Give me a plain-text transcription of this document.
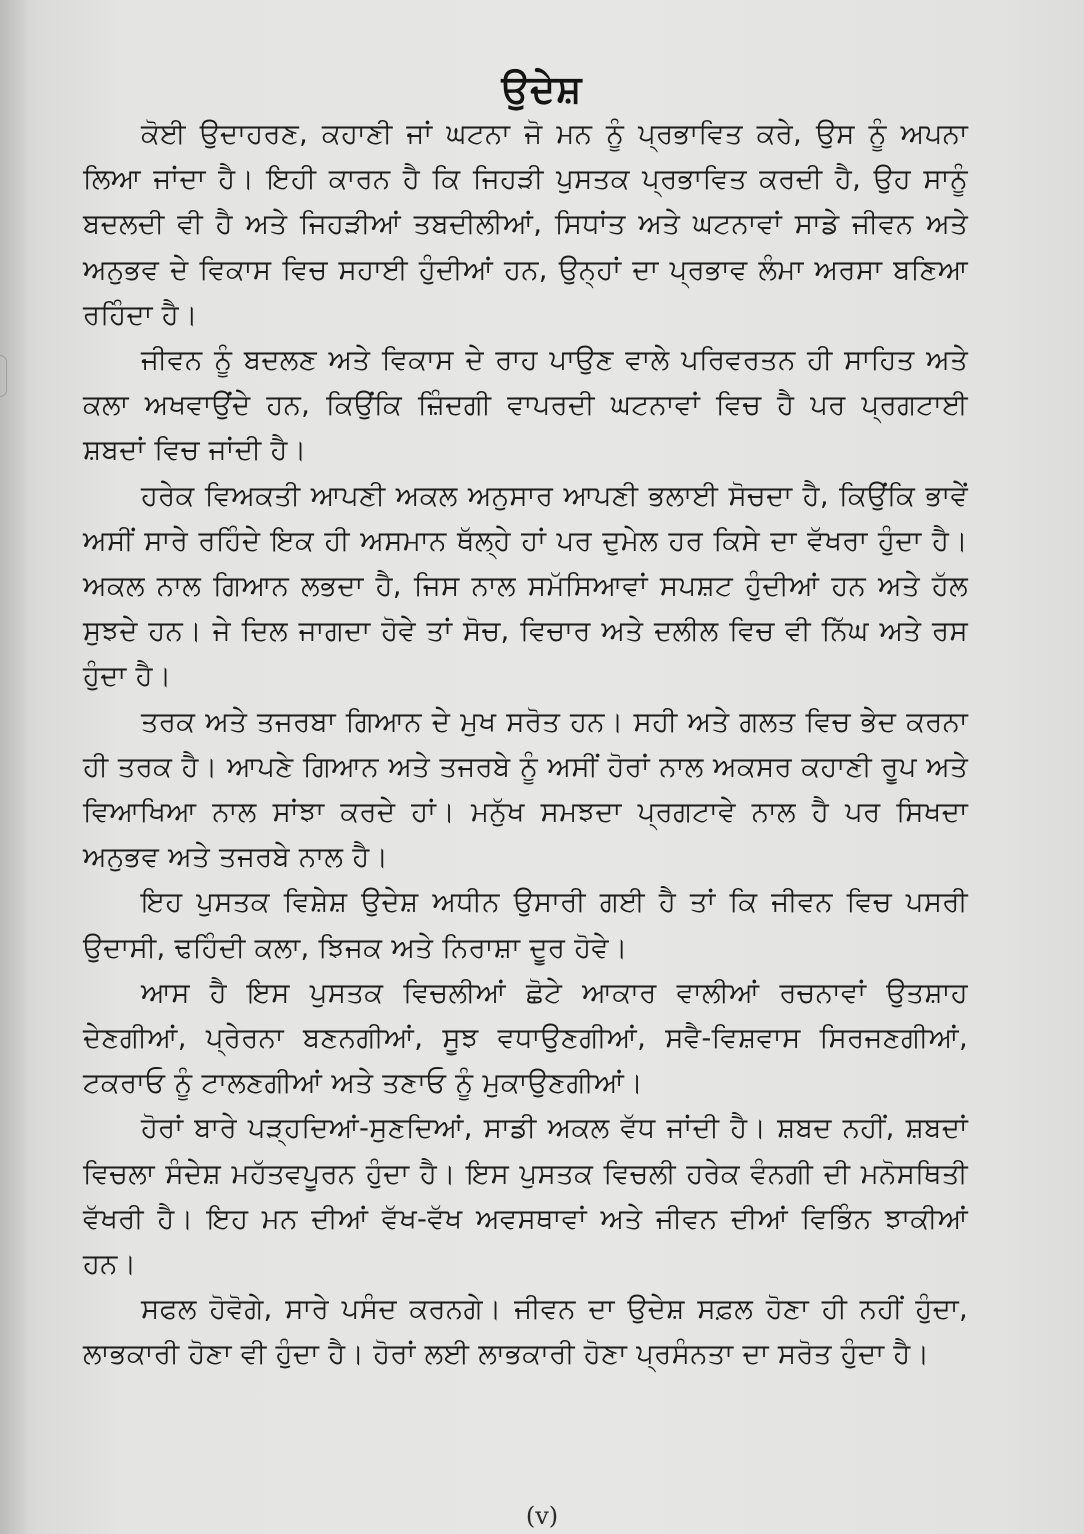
ਉਦੇਸ਼

ਕੋਈ ਉਦਾਹਰਣ, ਕਹਾਣੀ ਜਾਂ ਘਟਨਾ ਜੋ ਮਨ ਨੂੰ ਪ੍ਰਭਾਵਿਤ ਕਰੇ, ਉਸ ਨੂੰ ਅਪਨਾ ਲਿਆ ਜਾਂਦਾ ਹੈ। ਇਹੀ ਕਾਰਨ ਹੈ ਕਿ ਜਿਹੜੀ ਪੁਸਤਕ ਪ੍ਰਭਾਵਿਤ ਕਰਦੀ ਹੈ, ਉਹ ਸਾਨੂੰ ਬਦਲਦੀ ਵੀ ਹੈ ਅਤੇ ਜਿਹੜੀਆਂ ਤਬਦੀਲੀਆਂ, ਸਿਧਾਂਤ ਅਤੇ ਘਟਨਾਵਾਂ ਸਾਡੇ ਜੀਵਨ ਅਤੇ ਅਨੁਭਵ ਦੇ ਵਿਕਾਸ ਵਿਚ ਸਹਾਈ ਹੁੰਦੀਆਂ ਹਨ, ਉਨ੍ਹਾਂ ਦਾ ਪ੍ਰਭਾਵ ਲੰਮਾ ਅਰਸਾ ਬਣਿਆ ਰਹਿੰਦਾ ਹੈ।

ਜੀਵਨ ਨੂੰ ਬਦਲਣ ਅਤੇ ਵਿਕਾਸ ਦੇ ਰਾਹ ਪਾਉਣ ਵਾਲੇ ਪਰਿਵਰਤਨ ਹੀ ਸਾਹਿਤ ਅਤੇ ਕਲਾ ਅਖਵਾਉਂਦੇ ਹਨ, ਕਿਉਂਕਿ ਜ਼ਿੰਦਗੀ ਵਾਪਰਦੀ ਘਟਨਾਵਾਂ ਵਿਚ ਹੈ ਪਰ ਪ੍ਰਗਟਾਈ ਸ਼ਬਦਾਂ ਵਿਚ ਜਾਂਦੀ ਹੈ।

ਹਰੇਕ ਵਿਅਕਤੀ ਆਪਣੀ ਅਕਲ ਅਨੁਸਾਰ ਆਪਣੀ ਭਲਾਈ ਸੋਚਦਾ ਹੈ, ਕਿਉਂਕਿ ਭਾਵੇਂ ਅਸੀਂ ਸਾਰੇ ਰਹਿੰਦੇ ਇਕ ਹੀ ਅਸਮਾਨ ਥੱਲ੍ਹੇ ਹਾਂ ਪਰ ਦੁਮੇਲ ਹਰ ਕਿਸੇ ਦਾ ਵੱਖਰਾ ਹੁੰਦਾ ਹੈ। ਅਕਲ ਨਾਲ ਗਿਆਨ ਲਭਦਾ ਹੈ, ਜਿਸ ਨਾਲ ਸਮੱਸਿਆਵਾਂ ਸਪਸ਼ਟ ਹੁੰਦੀਆਂ ਹਨ ਅਤੇ ਹੱਲ ਸੁਝਦੇ ਹਨ। ਜੇ ਦਿਲ ਜਾਗਦਾ ਹੋਵੇ ਤਾਂ ਸੋਚ, ਵਿਚਾਰ ਅਤੇ ਦਲੀਲ ਵਿਚ ਵੀ ਨਿੱਘ ਅਤੇ ਰਸ ਹੁੰਦਾ ਹੈ।

ਤਰਕ ਅਤੇ ਤਜਰਬਾ ਗਿਆਨ ਦੇ ਮੁਖ ਸਰੋਤ ਹਨ। ਸਹੀ ਅਤੇ ਗਲਤ ਵਿਚ ਭੇਦ ਕਰਨਾ ਹੀ ਤਰਕ ਹੈ। ਆਪਣੇ ਗਿਆਨ ਅਤੇ ਤਜਰਬੇ ਨੂੰ ਅਸੀਂ ਹੋਰਾਂ ਨਾਲ ਅਕਸਰ ਕਹਾਣੀ ਰੂਪ ਅਤੇ ਵਿਆਖਿਆ ਨਾਲ ਸਾਂਝਾ ਕਰਦੇ ਹਾਂ। ਮਨੁੱਖ ਸਮਝਦਾ ਪ੍ਰਗਟਾਵੇ ਨਾਲ ਹੈ ਪਰ ਸਿਖਦਾ ਅਨੁਭਵ ਅਤੇ ਤਜਰਬੇ ਨਾਲ ਹੈ।

ਇਹ ਪੁਸਤਕ ਵਿਸ਼ੇਸ਼ ਉਦੇਸ਼ ਅਧੀਨ ਉਸਾਰੀ ਗਈ ਹੈ ਤਾਂ ਕਿ ਜੀਵਨ ਵਿਚ ਪਸਰੀ ਉਦਾਸੀ, ਢਹਿੰਦੀ ਕਲਾ, ਝਿਜਕ ਅਤੇ ਨਿਰਾਸ਼ਾ ਦੂਰ ਹੋਵੇ।

ਆਸ ਹੈ ਇਸ ਪੁਸਤਕ ਵਿਚਲੀਆਂ ਛੋਟੇ ਆਕਾਰ ਵਾਲੀਆਂ ਰਚਨਾਵਾਂ ਉਤਸ਼ਾਹ ਦੇਣਗੀਆਂ, ਪ੍ਰੇਰਨਾ ਬਣਨਗੀਆਂ, ਸੂਝ ਵਧਾਉਣਗੀਆਂ, ਸਵੈ-ਵਿਸ਼ਵਾਸ ਸਿਰਜਣਗੀਆਂ, ਟਕਰਾਓ ਨੂੰ ਟਾਲਣਗੀਆਂ ਅਤੇ ਤਣਾਓ ਨੂੰ ਮੁਕਾਉਣਗੀਆਂ।

ਹੋਰਾਂ ਬਾਰੇ ਪੜ੍ਹਦਿਆਂ-ਸੁਣਦਿਆਂ, ਸਾਡੀ ਅਕਲ ਵੱਧ ਜਾਂਦੀ ਹੈ। ਸ਼ਬਦ ਨਹੀਂ, ਸ਼ਬਦਾਂ ਵਿਚਲਾ ਸੰਦੇਸ਼ ਮਹੱਤਵਪੂਰਨ ਹੁੰਦਾ ਹੈ। ਇਸ ਪੁਸਤਕ ਵਿਚਲੀ ਹਰੇਕ ਵੰਨਗੀ ਦੀ ਮਨੋਸਥਿਤੀ ਵੱਖਰੀ ਹੈ। ਇਹ ਮਨ ਦੀਆਂ ਵੱਖ-ਵੱਖ ਅਵਸਥਾਵਾਂ ਅਤੇ ਜੀਵਨ ਦੀਆਂ ਵਿਭਿੰਨ ਝਾਕੀਆਂ ਹਨ।

ਸਫਲ ਹੋਵੋਗੇ, ਸਾਰੇ ਪਸੰਦ ਕਰਨਗੇ। ਜੀਵਨ ਦਾ ਉਦੇਸ਼ ਸਫ਼ਲ ਹੋਣਾ ਹੀ ਨਹੀਂ ਹੁੰਦਾ, ਲਾਭਕਾਰੀ ਹੋਣਾ ਵੀ ਹੁੰਦਾ ਹੈ। ਹੋਰਾਂ ਲਈ ਲਾਭਕਾਰੀ ਹੋਣਾ ਪ੍ਰਸੰਨਤਾ ਦਾ ਸਰੋਤ ਹੁੰਦਾ ਹੈ।

(v)
